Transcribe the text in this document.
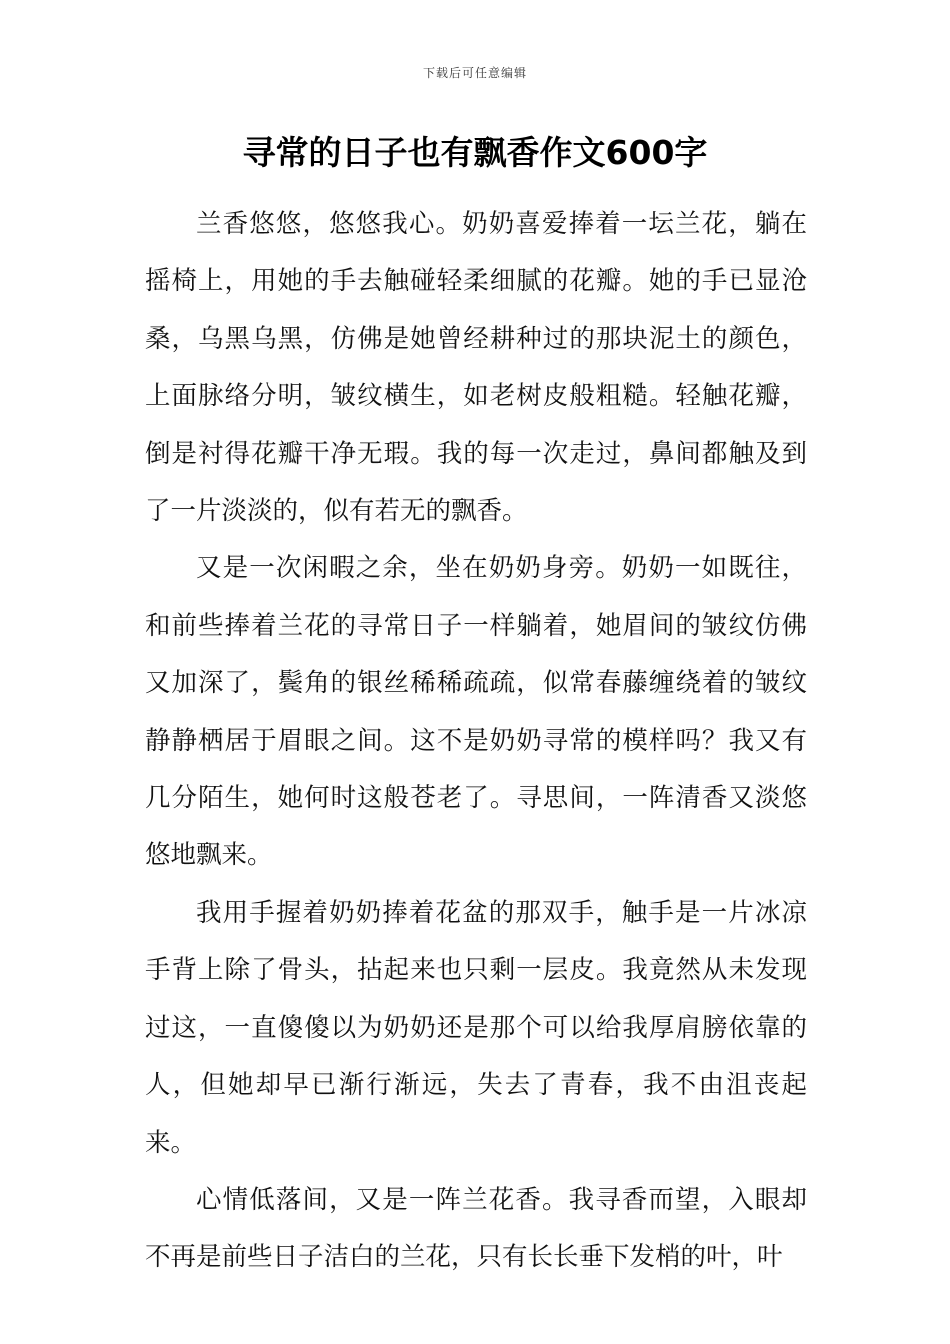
下载后可任意编辑
寻常的日子也有飘香作文600字

兰香悠悠，悠悠我心。奶奶喜爱捧着一坛兰花，躺在摇椅上，用她的手去触碰轻柔细腻的花瓣。她的手已显沧桑，乌黑乌黑，仿佛是她曾经耕种过的那块泥土的颜色，上面脉络分明，皱纹横生，如老树皮般粗糙。轻触花瓣，倒是衬得花瓣干净无瑕。我的每一次走过，鼻间都触及到了一片淡淡的，似有若无的飘香。

又是一次闲暇之余，坐在奶奶身旁。奶奶一如既往，和前些捧着兰花的寻常日子一样躺着，她眉间的皱纹仿佛又加深了，鬓角的银丝稀稀疏疏，似常春藤缠绕着的皱纹静静栖居于眉眼之间。这不是奶奶寻常的模样吗？我又有几分陌生，她何时这般苍老了。寻思间，一阵清香又淡悠悠地飘来。

我用手握着奶奶捧着花盆的那双手，触手是一片冰凉手背上除了骨头，拈起来也只剩一层皮。我竟然从未发现过这，一直傻傻以为奶奶还是那个可以给我厚肩膀依靠的人，但她却早已渐行渐远，失去了青春，我不由沮丧起来。

心情低落间，又是一阵兰花香。我寻香而望，入眼却不再是前些日子洁白的兰花，只有长长垂下发梢的叶，叶
